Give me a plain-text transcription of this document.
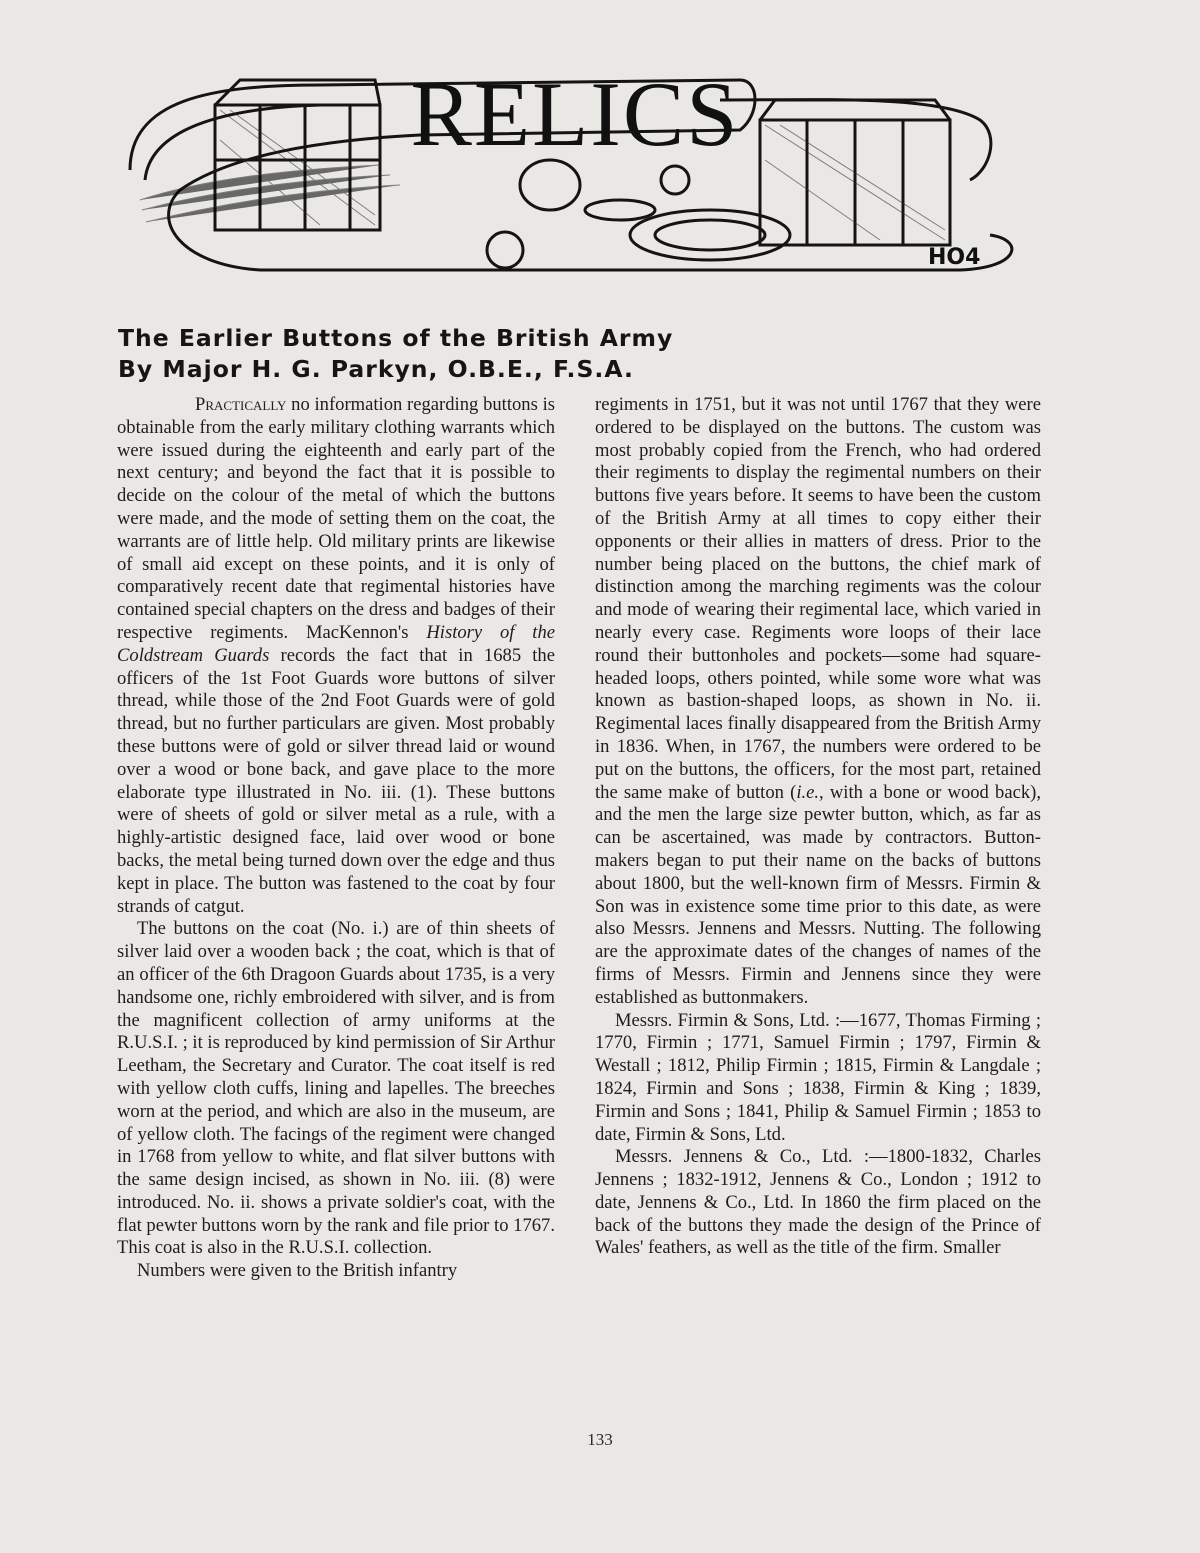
RELICS
HO4
The Earlier Buttons of the British Army
By Major H. G. Parkyn, O.B.E., F.S.A.

Practically no information regarding buttons is obtainable from the early military clothing warrants which were issued during the eighteenth and early part of the next century; and beyond the fact that it is possible to decide on the colour of the metal of which the buttons were made, and the mode of setting them on the coat, the warrants are of little help. Old military prints are likewise of small aid except on these points, and it is only of comparatively recent date that regimental histories have contained special chapters on the dress and badges of their respective regiments. MacKennon's History of the Coldstream Guards records the fact that in 1685 the officers of the 1st Foot Guards wore buttons of silver thread, while those of the 2nd Foot Guards were of gold thread, but no further particulars are given. Most probably these buttons were of gold or silver thread laid or wound over a wood or bone back, and gave place to the more elaborate type illustrated in No. iii. (1). These buttons were of sheets of gold or silver metal as a rule, with a highly-artistic designed face, laid over wood or bone backs, the metal being turned down over the edge and thus kept in place. The button was fastened to the coat by four strands of catgut.

The buttons on the coat (No. i.) are of thin sheets of silver laid over a wooden back ; the coat, which is that of an officer of the 6th Dragoon Guards about 1735, is a very handsome one, richly embroidered with silver, and is from the magnificent collection of army uniforms at the R.U.S.I. ; it is reproduced by kind permission of Sir Arthur Leetham, the Secretary and Curator. The coat itself is red with yellow cloth cuffs, lining and lapelles. The breeches worn at the period, and which are also in the museum, are of yellow cloth. The facings of the regiment were changed in 1768 from yellow to white, and flat silver buttons with the same design incised, as shown in No. iii. (8) were introduced. No. ii. shows a private soldier's coat, with the flat pewter buttons worn by the rank and file prior to 1767. This coat is also in the R.U.S.I. collection.

Numbers were given to the British infantry

regiments in 1751, but it was not until 1767 that they were ordered to be displayed on the buttons. The custom was most probably copied from the French, who had ordered their regiments to display the regimental numbers on their buttons five years before. It seems to have been the custom of the British Army at all times to copy either their opponents or their allies in matters of dress. Prior to the number being placed on the buttons, the chief mark of distinction among the marching regiments was the colour and mode of wearing their regimental lace, which varied in nearly every case. Regiments wore loops of their lace round their buttonholes and pockets—some had square-headed loops, others pointed, while some wore what was known as bastion-shaped loops, as shown in No. ii. Regimental laces finally disappeared from the British Army in 1836. When, in 1767, the numbers were ordered to be put on the buttons, the officers, for the most part, retained the same make of button (i.e., with a bone or wood back), and the men the large size pewter button, which, as far as can be ascertained, was made by contractors. Button-makers began to put their name on the backs of buttons about 1800, but the well-known firm of Messrs. Firmin & Son was in existence some time prior to this date, as were also Messrs. Jennens and Messrs. Nutting. The following are the approximate dates of the changes of names of the firms of Messrs. Firmin and Jennens since they were established as buttonmakers.

Messrs. Firmin & Sons, Ltd. :—1677, Thomas Firming ; 1770, Firmin ; 1771, Samuel Firmin ; 1797, Firmin & Westall ; 1812, Philip Firmin ; 1815, Firmin & Langdale ; 1824, Firmin and Sons ; 1838, Firmin & King ; 1839, Firmin and Sons ; 1841, Philip & Samuel Firmin ; 1853 to date, Firmin & Sons, Ltd.

Messrs. Jennens & Co., Ltd. :—1800-1832, Charles Jennens ; 1832-1912, Jennens & Co., London ; 1912 to date, Jennens & Co., Ltd. In 1860 the firm placed on the back of the buttons they made the design of the Prince of Wales' feathers, as well as the title of the firm. Smaller

133
